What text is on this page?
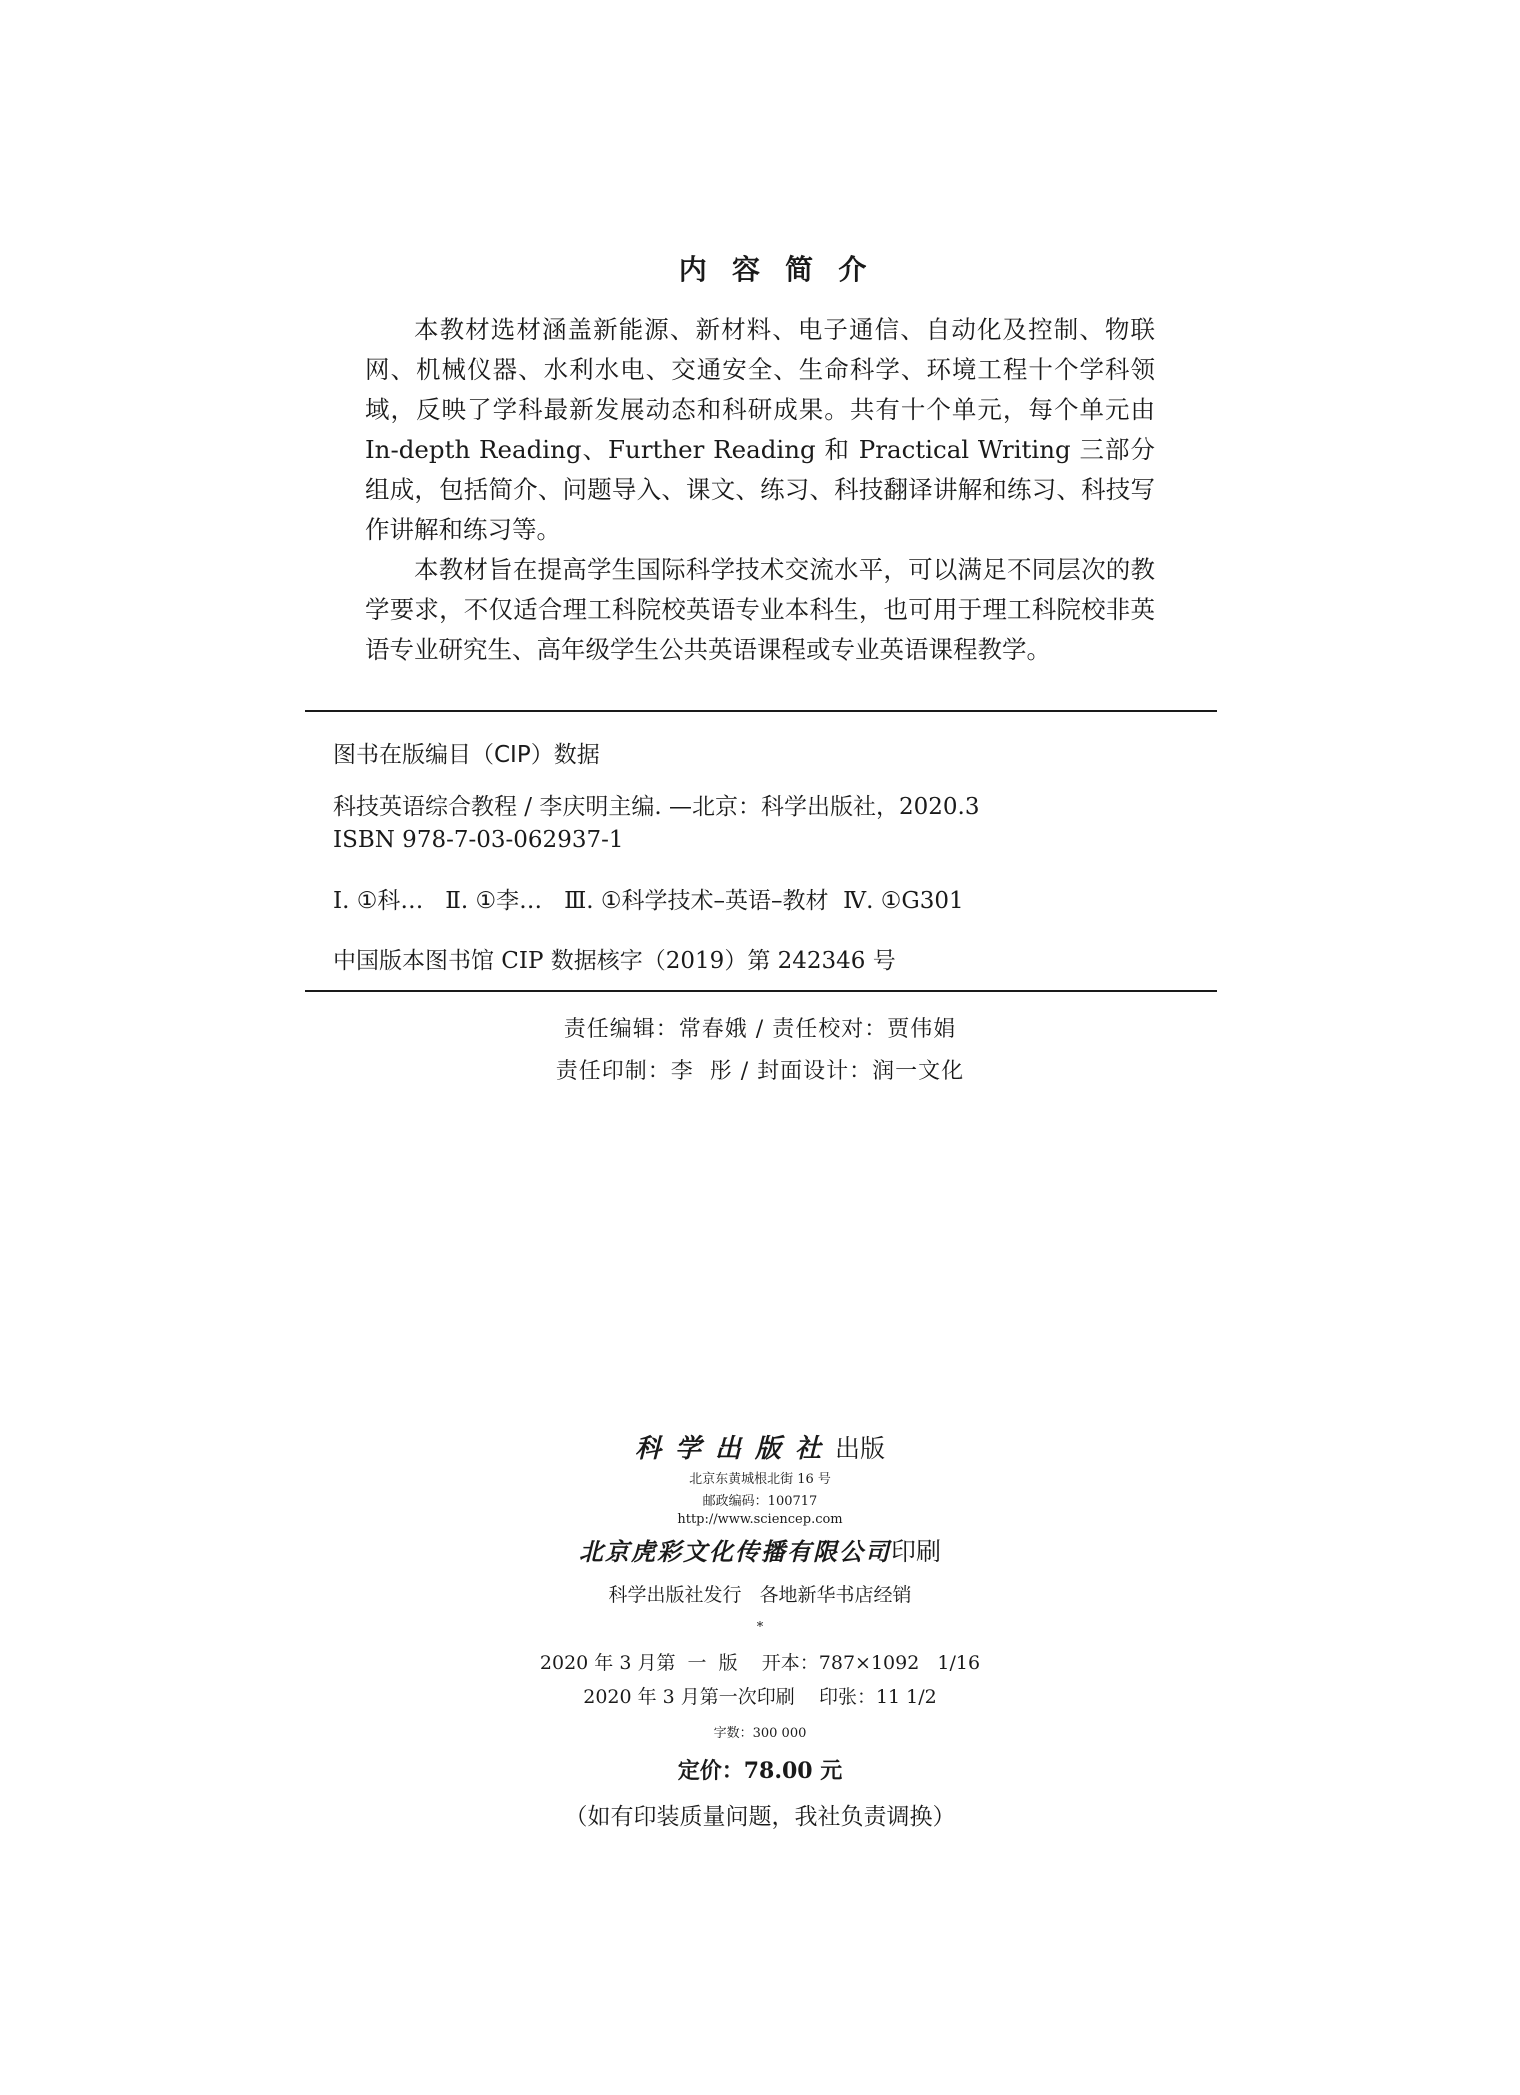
内容简介

本教材选材涵盖新能源、新材料、电子通信、自动化及控制、物联网、机械仪器、水利水电、交通安全、生命科学、环境工程十个学科领域，反映了学科最新发展动态和科研成果。共有十个单元，每个单元由 In-depth Reading、Further Reading 和 Practical Writing 三部分组成，包括简介、问题导入、课文、练习、科技翻译讲解和练习、科技写作讲解和练习等。

本教材旨在提高学生国际科学技术交流水平，可以满足不同层次的教学要求，不仅适合理工科院校英语专业本科生，也可用于理工科院校非英语专业研究生、高年级学生公共英语课程或专业英语课程教学。

图书在版编目（CIP）数据
科技英语综合教程 / 李庆明主编. —北京：科学出版社，2020.3
ISBN 978-7-03-062937-1
Ⅰ. ①科…   Ⅱ. ①李…   Ⅲ. ①科学技术–英语–教材  Ⅳ. ①G301
中国版本图书馆 CIP 数据核字（2019）第 242346 号
责任编辑：常春娥 / 责任校对：贾伟娟
责任印制：李  彤 / 封面设计：润一文化
科学出版社出版
北京东黄城根北街 16 号
邮政编码：100717
http://www.sciencep.com
北京虎彩文化传播有限公司印刷
科学出版社发行   各地新华书店经销
*
2020 年 3 月第  一  版    开本：787×1092   1/16
2020 年 3 月第一次印刷    印张：11 1/2
字数：300 000
定价：78.00 元
（如有印装质量问题，我社负责调换）
